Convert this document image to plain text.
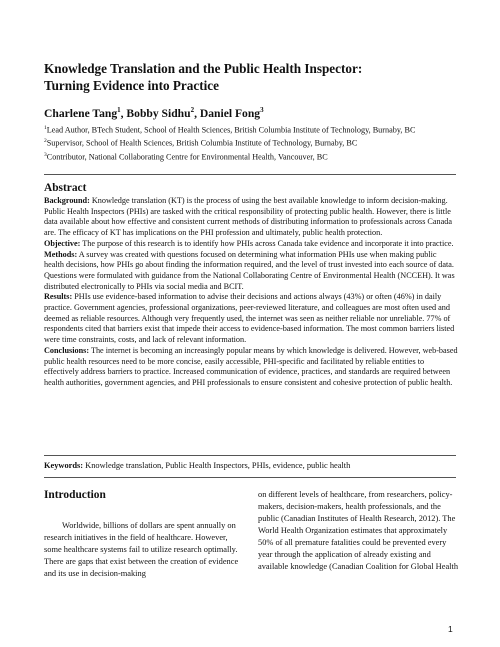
Knowledge Translation and the Public Health Inspector:
Turning Evidence into Practice
Charlene Tang$^1$, Bobby Sidhu$^2$, Daniel Fong$^3$
$^1$Lead Author, BTech Student, School of Health Sciences, British Columbia Institute of Technology, Burnaby, BC
$^2$Supervisor, School of Health Sciences, British Columbia Institute of Technology, Burnaby, BC
$^3$Contributor, National Collaborating Centre for Environmental Health, Vancouver, BC
Abstract

Background: Knowledge translation (KT) is the process of using the best available knowledge to inform decision-making. Public Health Inspectors (PHIs) are tasked with the critical responsibility of protecting public health. However, there is little data available about how effective and consistent current methods of distributing information to professionals across Canada are. The efficacy of KT has implications on the PHI profession and ultimately, public health protection.

Objective: The purpose of this research is to identify how PHIs across Canada take evidence and incorporate it into practice.

Methods: A survey was created with questions focused on determining what information PHIs use when making public health decisions, how PHIs go about finding the information required, and the level of trust invested into each source of data. Questions were formulated with guidance from the National Collaborating Centre of Environmental Health (NCCEH). It was distributed electronically to PHIs via social media and BCIT.

Results: PHIs use evidence-based information to advise their decisions and actions always (43%) or often (46%) in daily practice. Government agencies, professional organizations, peer-reviewed literature, and colleagues are most often used and deemed as reliable resources. Although very frequently used, the internet was seen as neither reliable nor unreliable. 77% of respondents cited that barriers exist that impede their access to evidence-based information. The most common barriers listed were time constraints, costs, and lack of relevant information.

Conclusions: The internet is becoming an increasingly popular means by which knowledge is delivered. However, web-based public health resources need to be more concise, easily accessible, PHI-specific and facilitated by reliable entities to effectively address barriers to practice. Increased communication of evidence, practices, and standards are required between health authorities, government agencies, and PHI professionals to ensure consistent and cohesive protection of public health.

Keywords: Knowledge translation, Public Health Inspectors, PHIs, evidence, public health
Introduction

Worldwide, billions of dollars are spent annually on research initiatives in the field of healthcare. However, some healthcare systems fail to utilize research optimally. There are gaps that exist between the creation of evidence and its use in decision-making

on different levels of healthcare, from researchers, policy-makers, decision-makers, health professionals, and the public (Canadian Institutes of Health Research, 2012). The World Health Organization estimates that approximately 50% of all premature fatalities could be prevented every year through the application of already existing and available knowledge (Canadian Coalition for Global Health

1
